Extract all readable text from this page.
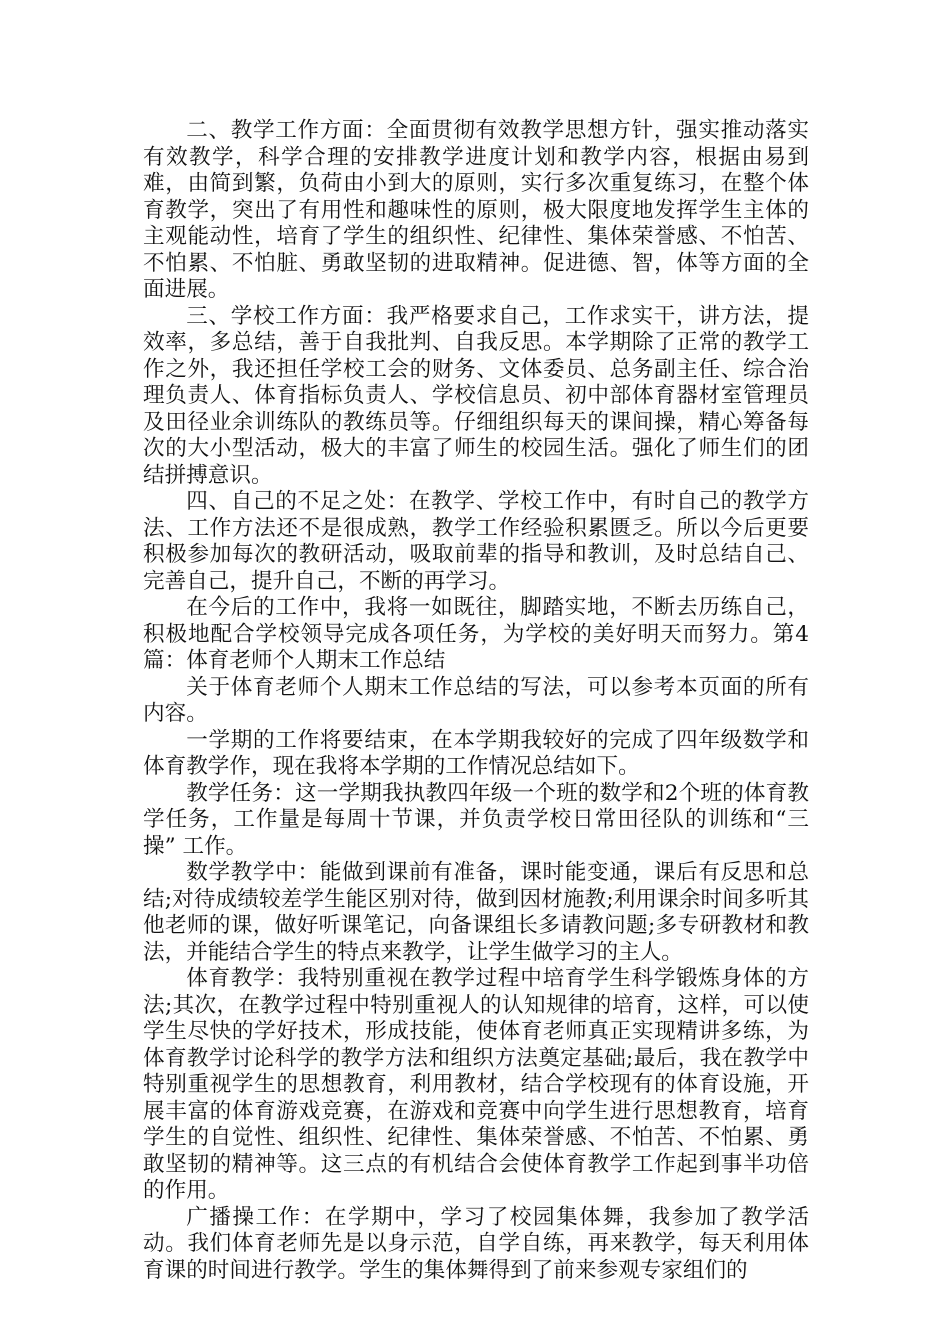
二、教学工作方面：全面贯彻有效教学思想方针，强实推动落实有效教学，科学合理的安排教学进度计划和教学内容，根据由易到难，由简到繁，负荷由小到大的原则，实行多次重复练习，在整个体育教学，突出了有用性和趣味性的原则，极大限度地发挥学生主体的主观能动性，培育了学生的组织性、纪律性、集体荣誉感、不怕苦、不怕累、不怕脏、勇敢坚韧的进取精神。促进德、智，体等方面的全面进展。

三、学校工作方面：我严格要求自己，工作求实干，讲方法，提效率，多总结，善于自我批判、自我反思。本学期除了正常的教学工作之外，我还担任学校工会的财务、文体委员、总务副主任、综合治理负责人、体育指标负责人、学校信息员、初中部体育器材室管理员及田径业余训练队的教练员等。仔细组织每天的课间操，精心筹备每次的大小型活动，极大的丰富了师生的校园生活。强化了师生们的团结拼搏意识。

四、自己的不足之处：在教学、学校工作中，有时自己的教学方法、工作方法还不是很成熟，教学工作经验积累匮乏。所以今后更要积极参加每次的教研活动，吸取前辈的指导和教训，及时总结自己、完善自己，提升自己，不断的再学习。

在今后的工作中，我将一如既往，脚踏实地，不断去历练自己，积极地配合学校领导完成各项任务，为学校的美好明天而努力。第4篇：体育老师个人期末工作总结

关于体育老师个人期末工作总结的写法，可以参考本页面的所有内容。

一学期的工作将要结束，在本学期我较好的完成了四年级数学和体育教学作，现在我将本学期的工作情况总结如下。

教学任务：这一学期我执教四年级一个班的数学和2个班的体育教学任务，工作量是每周十节课，并负责学校日常田径队的训练和“三操” 工作。

数学教学中：能做到课前有准备，课时能变通，课后有反思和总结;对待成绩较差学生能区别对待，做到因材施教;利用课余时间多听其他老师的课，做好听课笔记，向备课组长多请教问题;多专研教材和教法，并能结合学生的特点来教学，让学生做学习的主人。

体育教学：我特别重视在教学过程中培育学生科学锻炼身体的方法;其次，在教学过程中特别重视人的认知规律的培育，这样，可以使学生尽快的学好技术，形成技能，使体育老师真正实现精讲多练，为体育教学讨论科学的教学方法和组织方法奠定基础;最后，我在教学中特别重视学生的思想教育，利用教材，结合学校现有的体育设施，开展丰富的体育游戏竞赛，在游戏和竞赛中向学生进行思想教育，培育学生的自觉性、组织性、纪律性、集体荣誉感、不怕苦、不怕累、勇敢坚韧的精神等。这三点的有机结合会使体育教学工作起到事半功倍的作用。

广播操工作：在学期中，学习了校园集体舞，我参加了教学活动。我们体育老师先是以身示范，自学自练，再来教学，每天利用体育课的时间进行教学。学生的集体舞得到了前来参观专家组们的
